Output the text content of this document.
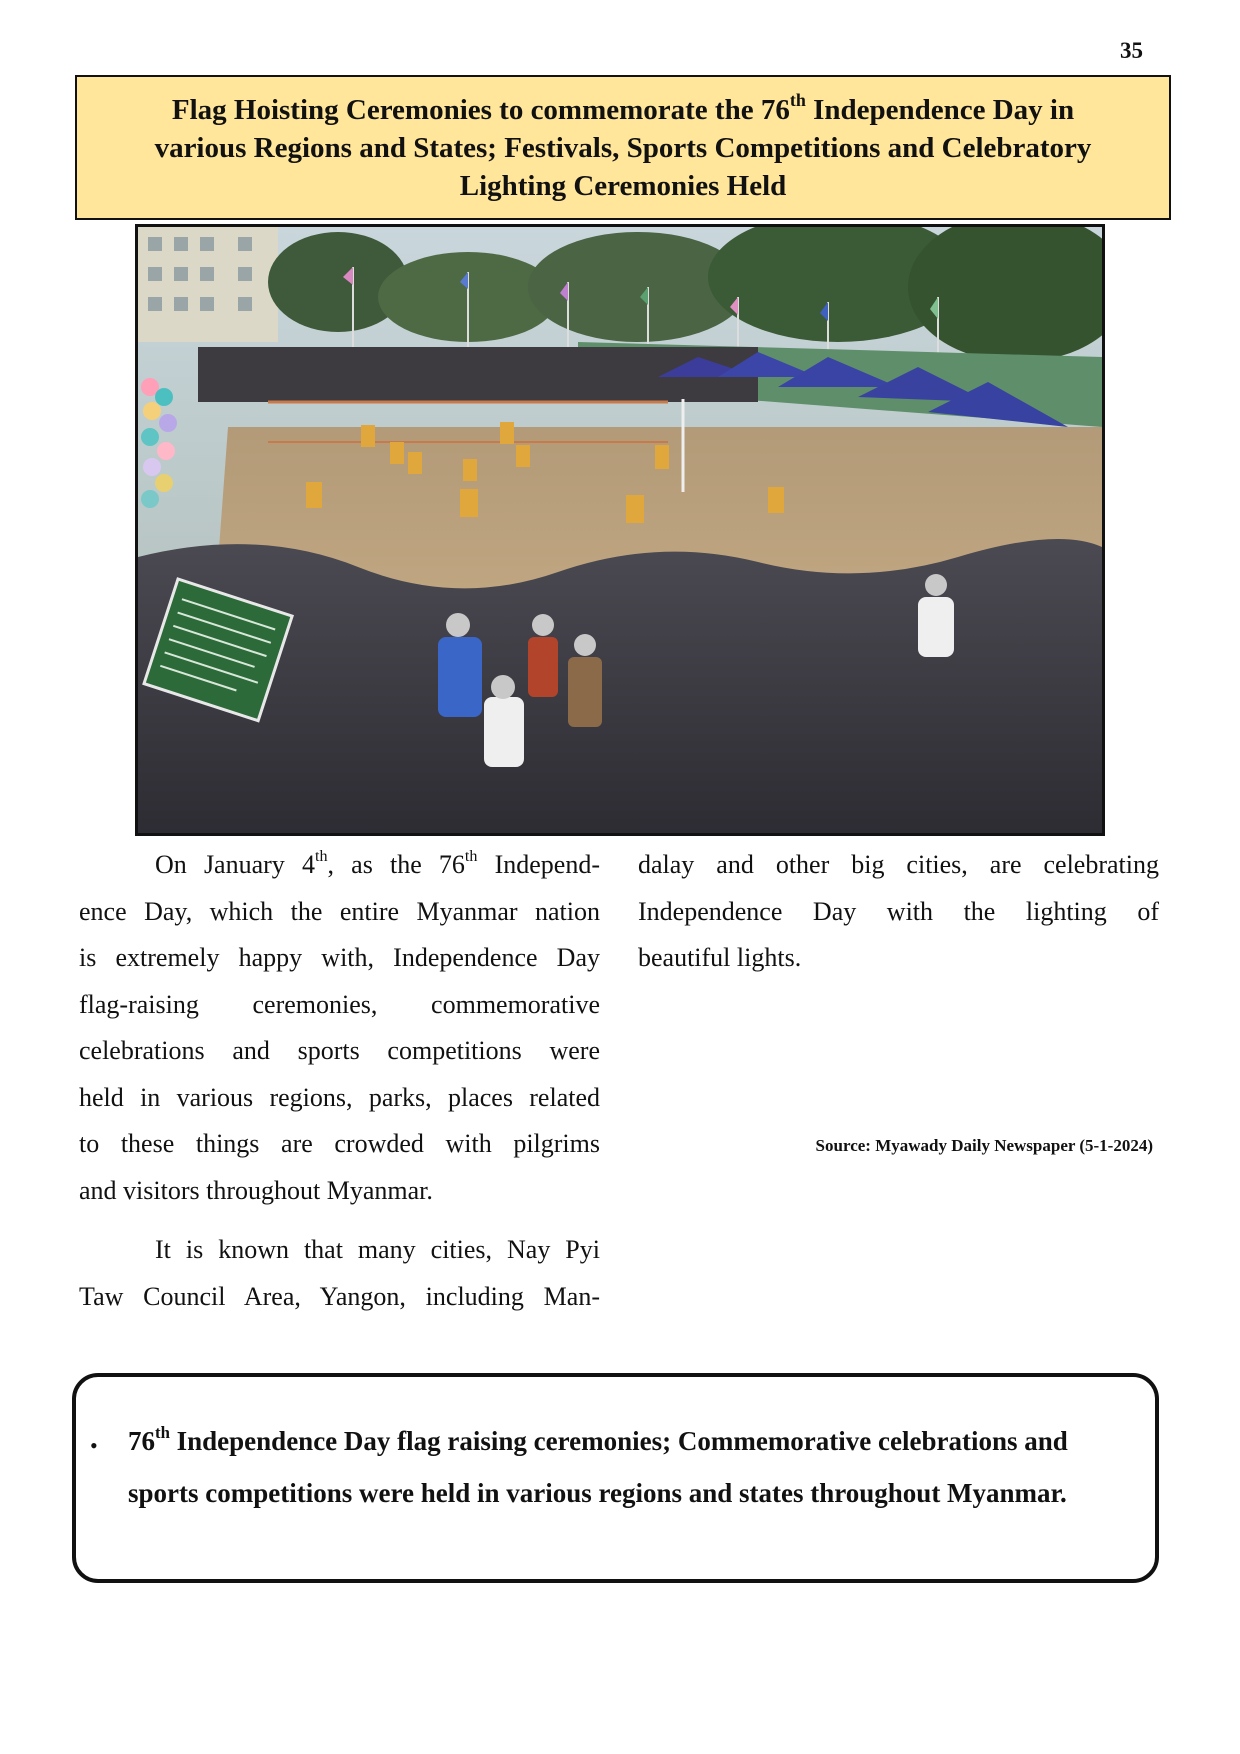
35
Flag Hoisting Ceremonies to commemorate the 76th Independence Day in
various Regions and States; Festivals, Sports Competitions and Celebratory
Lighting Ceremonies Held

On January 4th, as the 76th Independ-

ence Day, which the entire Myanmar nation

is extremely happy with, Independence Day

flag-raising ceremonies, commemorative

celebrations and sports competitions were

held in various regions, parks, places related

to these things are crowded with pilgrims

and visitors throughout Myanmar.

It is known that many cities, Nay Pyi

Taw Council Area, Yangon, including Man-

dalay and other big cities, are celebrating

Independence Day with the lighting of

beautiful lights.

Source: Myawady Daily Newspaper (5-1-2024)
• 76th Independence Day flag raising ceremonies; Commemorative celebrations and
sports competitions were held in various regions and states throughout Myanmar.
